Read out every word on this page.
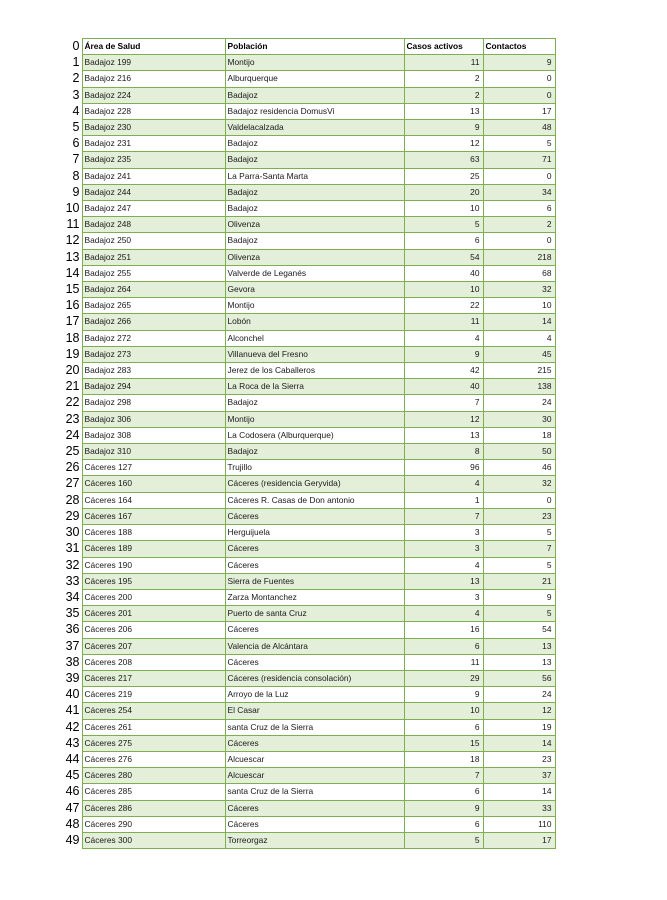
0	Área de Salud	Población	Casos activos	Contactos
1	Badajoz 199	Montijo	11	9
2	Badajoz 216	Alburquerque	2	0
3	Badajoz 224	Badajoz	2	0
4	Badajoz 228	Badajoz residencia DomusVi	13	17
5	Badajoz 230	Valdelacalzada	9	48
6	Badajoz 231	Badajoz	12	5
7	Badajoz 235	Badajoz	63	71
8	Badajoz 241	La Parra-Santa Marta	25	0
9	Badajoz 244	Badajoz	20	34
10	Badajoz 247	Badajoz	10	6
11	Badajoz 248	Olivenza	5	2
12	Badajoz 250	Badajoz	6	0
13	Badajoz 251	Olivenza	54	218
14	Badajoz 255	Valverde de Leganés	40	68
15	Badajoz 264	Gevora	10	32
16	Badajoz 265	Montijo	22	10
17	Badajoz 266	Lobón	11	14
18	Badajoz 272	Alconchel	4	4
19	Badajoz 273	Villanueva del Fresno	9	45
20	Badajoz 283	Jerez de los Caballeros	42	215
21	Badajoz 294	La Roca de la Sierra	40	138
22	Badajoz 298	Badajoz	7	24
23	Badajoz 306	Montijo	12	30
24	Badajoz 308	La Codosera (Alburquerque)	13	18
25	Badajoz 310	Badajoz	8	50
26	Cáceres 127	Trujillo	96	46
27	Cáceres 160	Cáceres (residencia Geryvida)	4	32
28	Cáceres 164	Cáceres R. Casas de Don antonio	1	0
29	Cáceres 167	Cáceres	7	23
30	Cáceres 188	Herguijuela	3	5
31	Cáceres 189	Cáceres	3	7
32	Cáceres 190	Cáceres	4	5
33	Cáceres 195	Sierra de Fuentes	13	21
34	Cáceres 200	Zarza Montanchez	3	9
35	Cáceres 201	Puerto de santa Cruz	4	5
36	Cáceres 206	Cáceres	16	54
37	Cáceres 207	Valencia de Alcántara	6	13
38	Cáceres 208	Cáceres	11	13
39	Cáceres 217	Cáceres (residencia consolación)	29	56
40	Cáceres 219	Arroyo de la Luz	9	24
41	Cáceres 254	El Casar	10	12
42	Cáceres 261	santa Cruz de la Sierra	6	19
43	Cáceres 275	Cáceres	15	14
44	Cáceres 276	Alcuescar	18	23
45	Cáceres 280	Alcuescar	7	37
46	Cáceres 285	santa Cruz de la Sierra	6	14
47	Cáceres 286	Cáceres	9	33
48	Cáceres 290	Cáceres	6	110
49	Cáceres 300	Torreorgaz	5	17
